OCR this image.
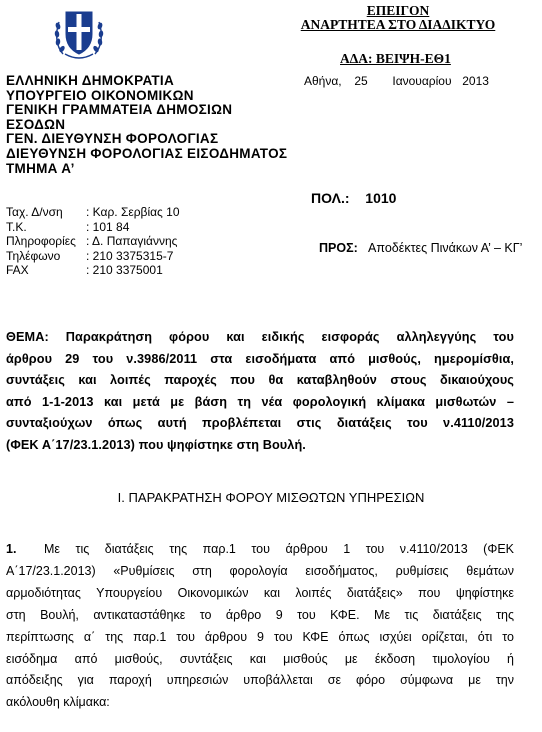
ΕΠΕΙΓΟΝ
ΑΝΑΡΤΗΤΕΑ ΣΤΟ ΔΙΑΔΙΚΤΥΟ
ΑΔΑ: ΒΕΙΨΗ-ΕΘ1
Αθήνα, 25 Ιανουαρίου 2013
ΕΛΛΗΝΙΚΗ ΔΗΜΟΚΡΑΤΙΑ
ΥΠΟΥΡΓΕΙΟ ΟΙΚΟΝΟΜΙΚΩΝ
ΓΕΝΙΚΗ ΓΡΑΜΜΑΤΕΙΑ ΔΗΜΟΣΙΩΝ
ΕΣΟΔΩΝ
ΓΕΝ. ΔΙΕΥΘΥΝΣΗ ΦΟΡΟΛΟΓΙΑΣ
ΔΙΕΥΘΥΝΣΗ ΦΟΡΟΛΟΓΙΑΣ ΕΙΣΟΔΗΜΑΤΟΣ
ΤΜΗΜΑ Α’
Ταχ. Δ/νση	: Καρ. Σερβίας 10
Τ.Κ.	: 101 84
Πληροφορίες : Δ. Παπαγιάννης
Τηλέφωνο	: 210 3375315-7
FAX	: 210 3375001
ΠΟΛ.: 1010
ΠΡΟΣ: Αποδέκτες Πινάκων Α’ – ΚΓ’
ΘΕΜΑ: Παρακράτηση φόρου και ειδικής εισφοράς αλληλεγγύης του
άρθρου 29 του ν.3986/2011 στα εισοδήματα από μισθούς, ημερομίσθια,
συντάξεις και λοιπές παροχές που θα καταβληθούν στους δικαιούχους
από 1-1-2013 και μετά με βάση τη νέα φορολογική κλίμακα μισθωτών –
συνταξιούχων όπως αυτή προβλέπεται στις διατάξεις του ν.4110/2013
(ΦΕΚ Α΄17/23.1.2013) που ψηφίστηκε στη Βουλή.
Ι. ΠΑΡΑΚΡΑΤΗΣΗ ΦΟΡΟΥ ΜΙΣΘΩΤΩΝ ΥΠΗΡΕΣΙΩΝ
1. Με τις διατάξεις της παρ.1 του άρθρου 1 του ν.4110/2013 (ΦΕΚ
Α΄17/23.1.2013) «Ρυθμίσεις στη φορολογία εισοδήματος, ρυθμίσεις θεμάτων
αρμοδιότητας Υπουργείου Οικονομικών και λοιπές διατάξεις» που ψηφίστηκε
στη Βουλή, αντικαταστάθηκε το άρθρο 9 του ΚΦΕ. Με τις διατάξεις της
περίπτωσης α΄ της παρ.1 του άρθρου 9 του ΚΦΕ όπως ισχύει ορίζεται, ότι το
εισόδημα από μισθούς, συντάξεις και μισθούς με έκδοση τιμολογίου ή
απόδειξης για παροχή υπηρεσιών υποβάλλεται σε φόρο σύμφωνα με την
ακόλουθη κλίμακα:
